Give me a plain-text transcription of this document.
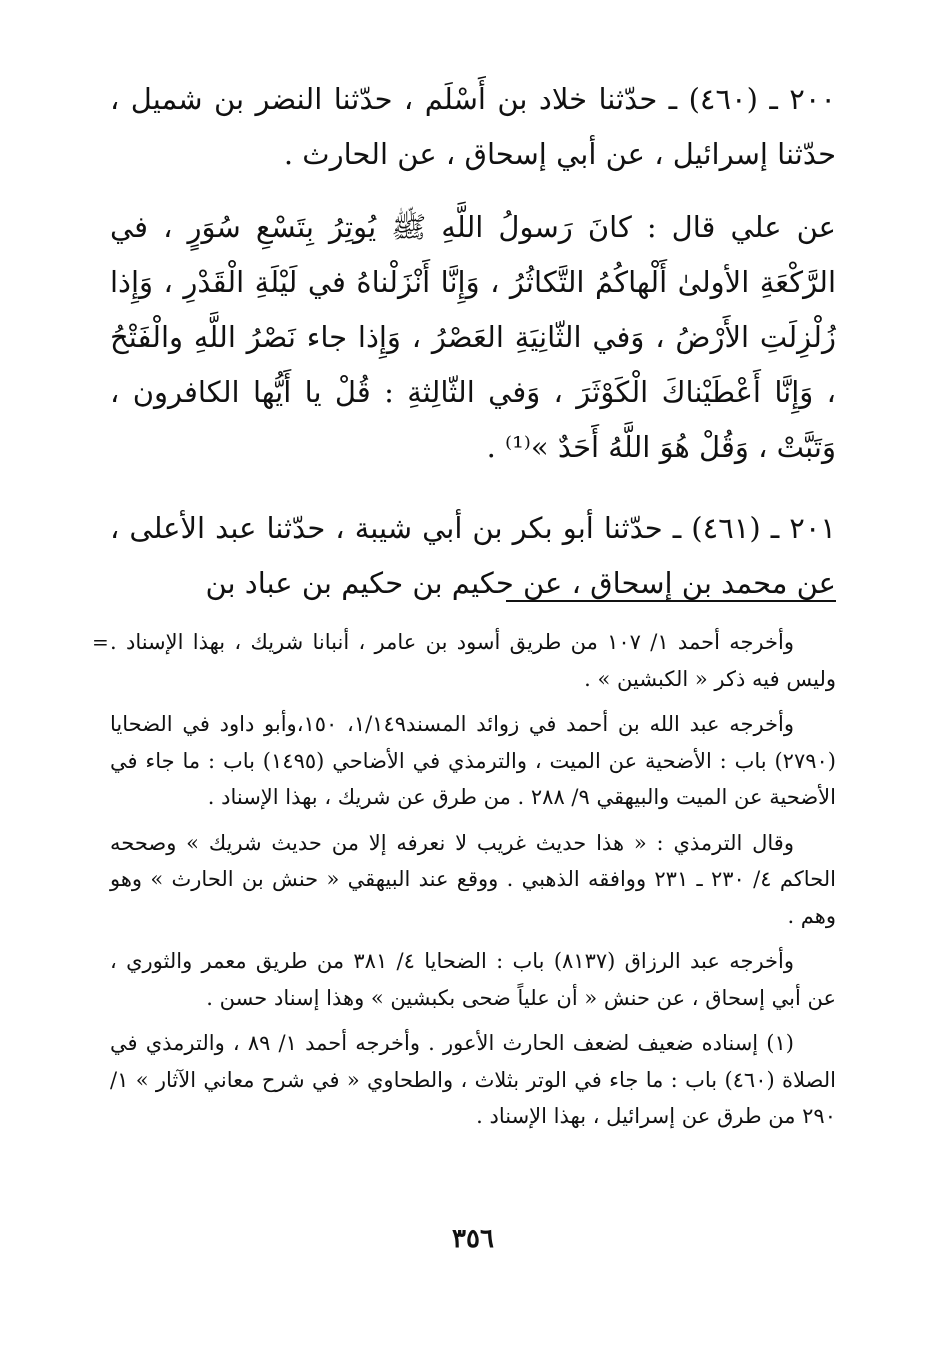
٢٠٠ ـ (٤٦٠) ـ حدّثنا خلاد بن أَسْلَم ، حدّثنا النضر بن شميل ، حدّثنا إسرائيل ، عن أبي إسحاق ، عن الحارث .

عن علي قال : كانَ رَسولُ اللَّهِ ﷺ يُوتِرُ بِتَسْعِ سُوَرٍ ، في الرَّكْعَةِ الأولىٰ أَلْهاكُمُ التَّكاثُرُ ، وَإِنَّا أَنْزَلْناهُ في لَيْلَةِ الْقَدْرِ ، وَإِذا زُلْزِلَتِ الأَرْضُ ، وَفي الثّانِيَةِ العَصْرُ ، وَإِذا جاء نَصْرُ اللَّهِ والْفَتْحُ ، وَإِنَّا أَعْطَيْناكَ الْكَوْثَرَ ، وَفي الثّالِثةِ : قُلْ يا أَيُّها الكافرون ، وَتَبَّتْ ، وَقُلْ هُوَ اللَّهُ أَحَدٌ »⁽¹⁾ .

٢٠١ ـ (٤٦١) ـ حدّثنا أبو بكر بن أبي شيبة ، حدّثنا عبد الأعلى ، عن محمد بن إسحاق ، عن حكيم بن حكيم بن عباد بن

= وأخرجه أحمد ١/ ١٠٧ من طريق أسود بن عامر ، أنبانا شريك ، بهذا الإسناد . وليس فيه ذكر « الكبشين » .

وأخرجه عبد الله بن أحمد في زوائد المسند١/١٤٩، ١٥٠،وأبو داود في الضحايا (٢٧٩٠) باب : الأضحية عن الميت ، والترمذي في الأضاحي (١٤٩٥) باب : ما جاء في الأضحية عن الميت والبيهقي ٩/ ٢٨٨ . من طرق عن شريك ، بهذا الإسناد .

وقال الترمذي : « هذا حديث غريب لا نعرفه إلا من حديث شريك » وصححه الحاكم ٤/ ٢٣٠ ـ ٢٣١ ووافقه الذهبي . ووقع عند البيهقي « حنش بن الحارث » وهو وهم .

وأخرجه عبد الرزاق (٨١٣٧) باب : الضحايا ٤/ ٣٨١ من طريق معمر والثوري ، عن أبي إسحاق ، عن حنش « أن علياً ضحى بكبشين » وهذا إسناد حسن .

(١) إسناده ضعيف لضعف الحارث الأعور . وأخرجه أحمد ١/ ٨٩ ، والترمذي في الصلاة (٤٦٠) باب : ما جاء في الوتر بثلاث ، والطحاوي « في شرح معاني الآثار » ١/ ٢٩٠ من طرق عن إسرائيل ، بهذا الإسناد .

٣٥٦
